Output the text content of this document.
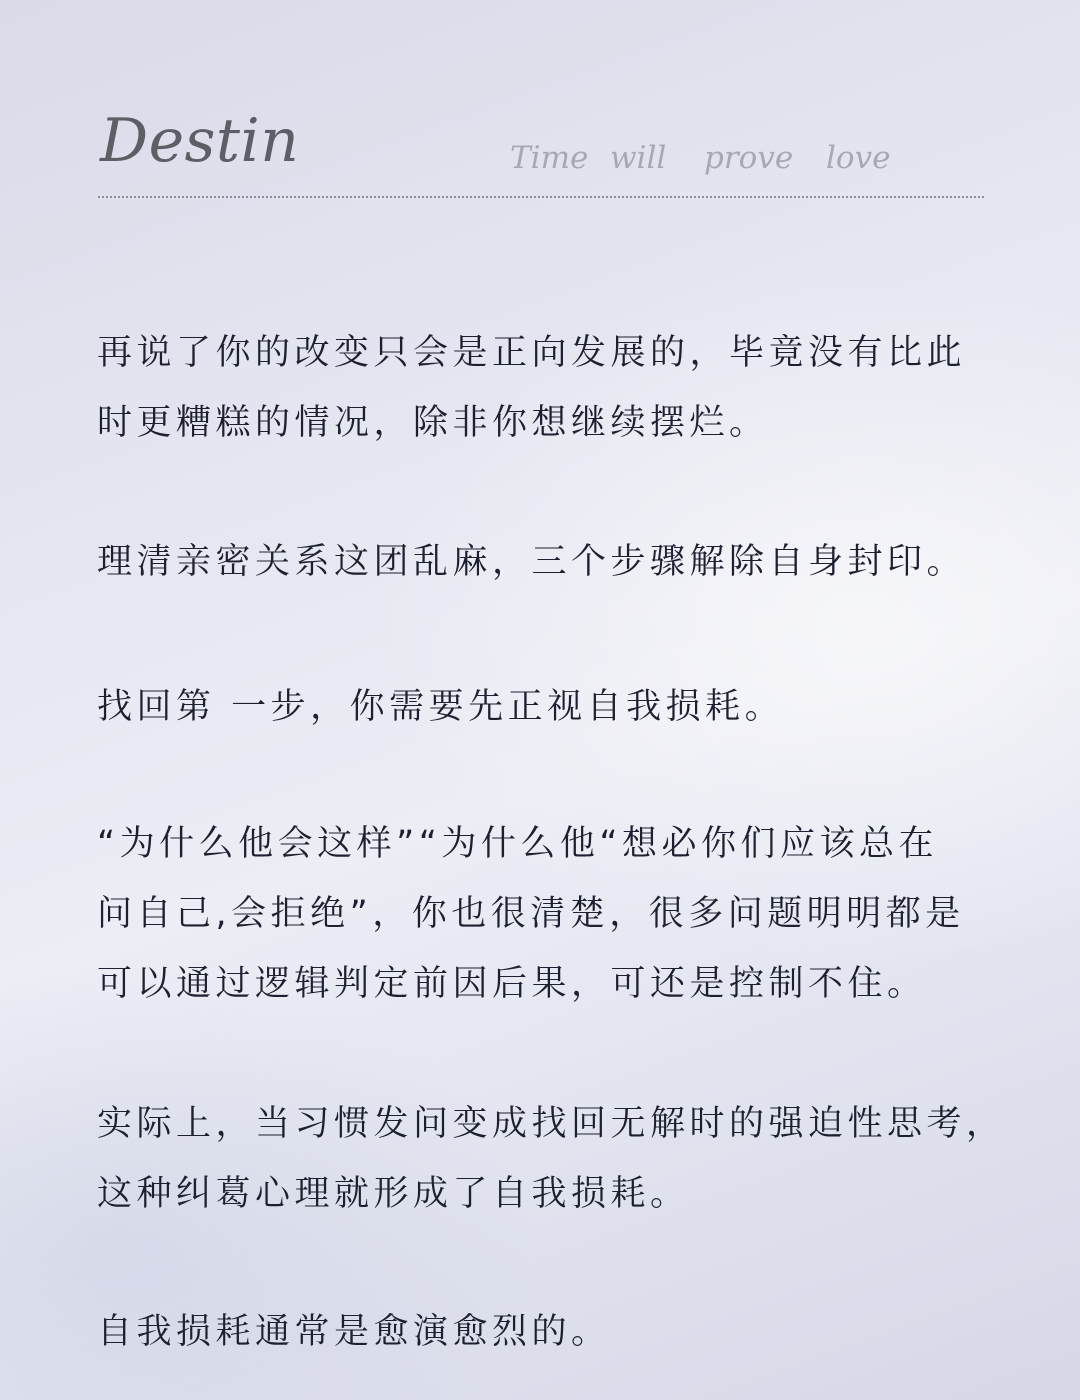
Destin	Time will prove love

再说了你的改变只会是正向发展的，毕竟没有比此
时更糟糕的情况，除非你想继续摆烂。

理清亲密关系这团乱麻，三个步骤解除自身封印。

找回第 一步，你需要先正视自我损耗。

“为什么他会这样”“为什么他“想必你们应该总在
问自己,会拒绝”，你也很清楚，很多问题明明都是
可以通过逻辑判定前因后果，可还是控制不住。

实际上，当习惯发问变成找回无解时的强迫性思考，
这种纠葛心理就形成了自我损耗。

自我损耗通常是愈演愈烈的。
